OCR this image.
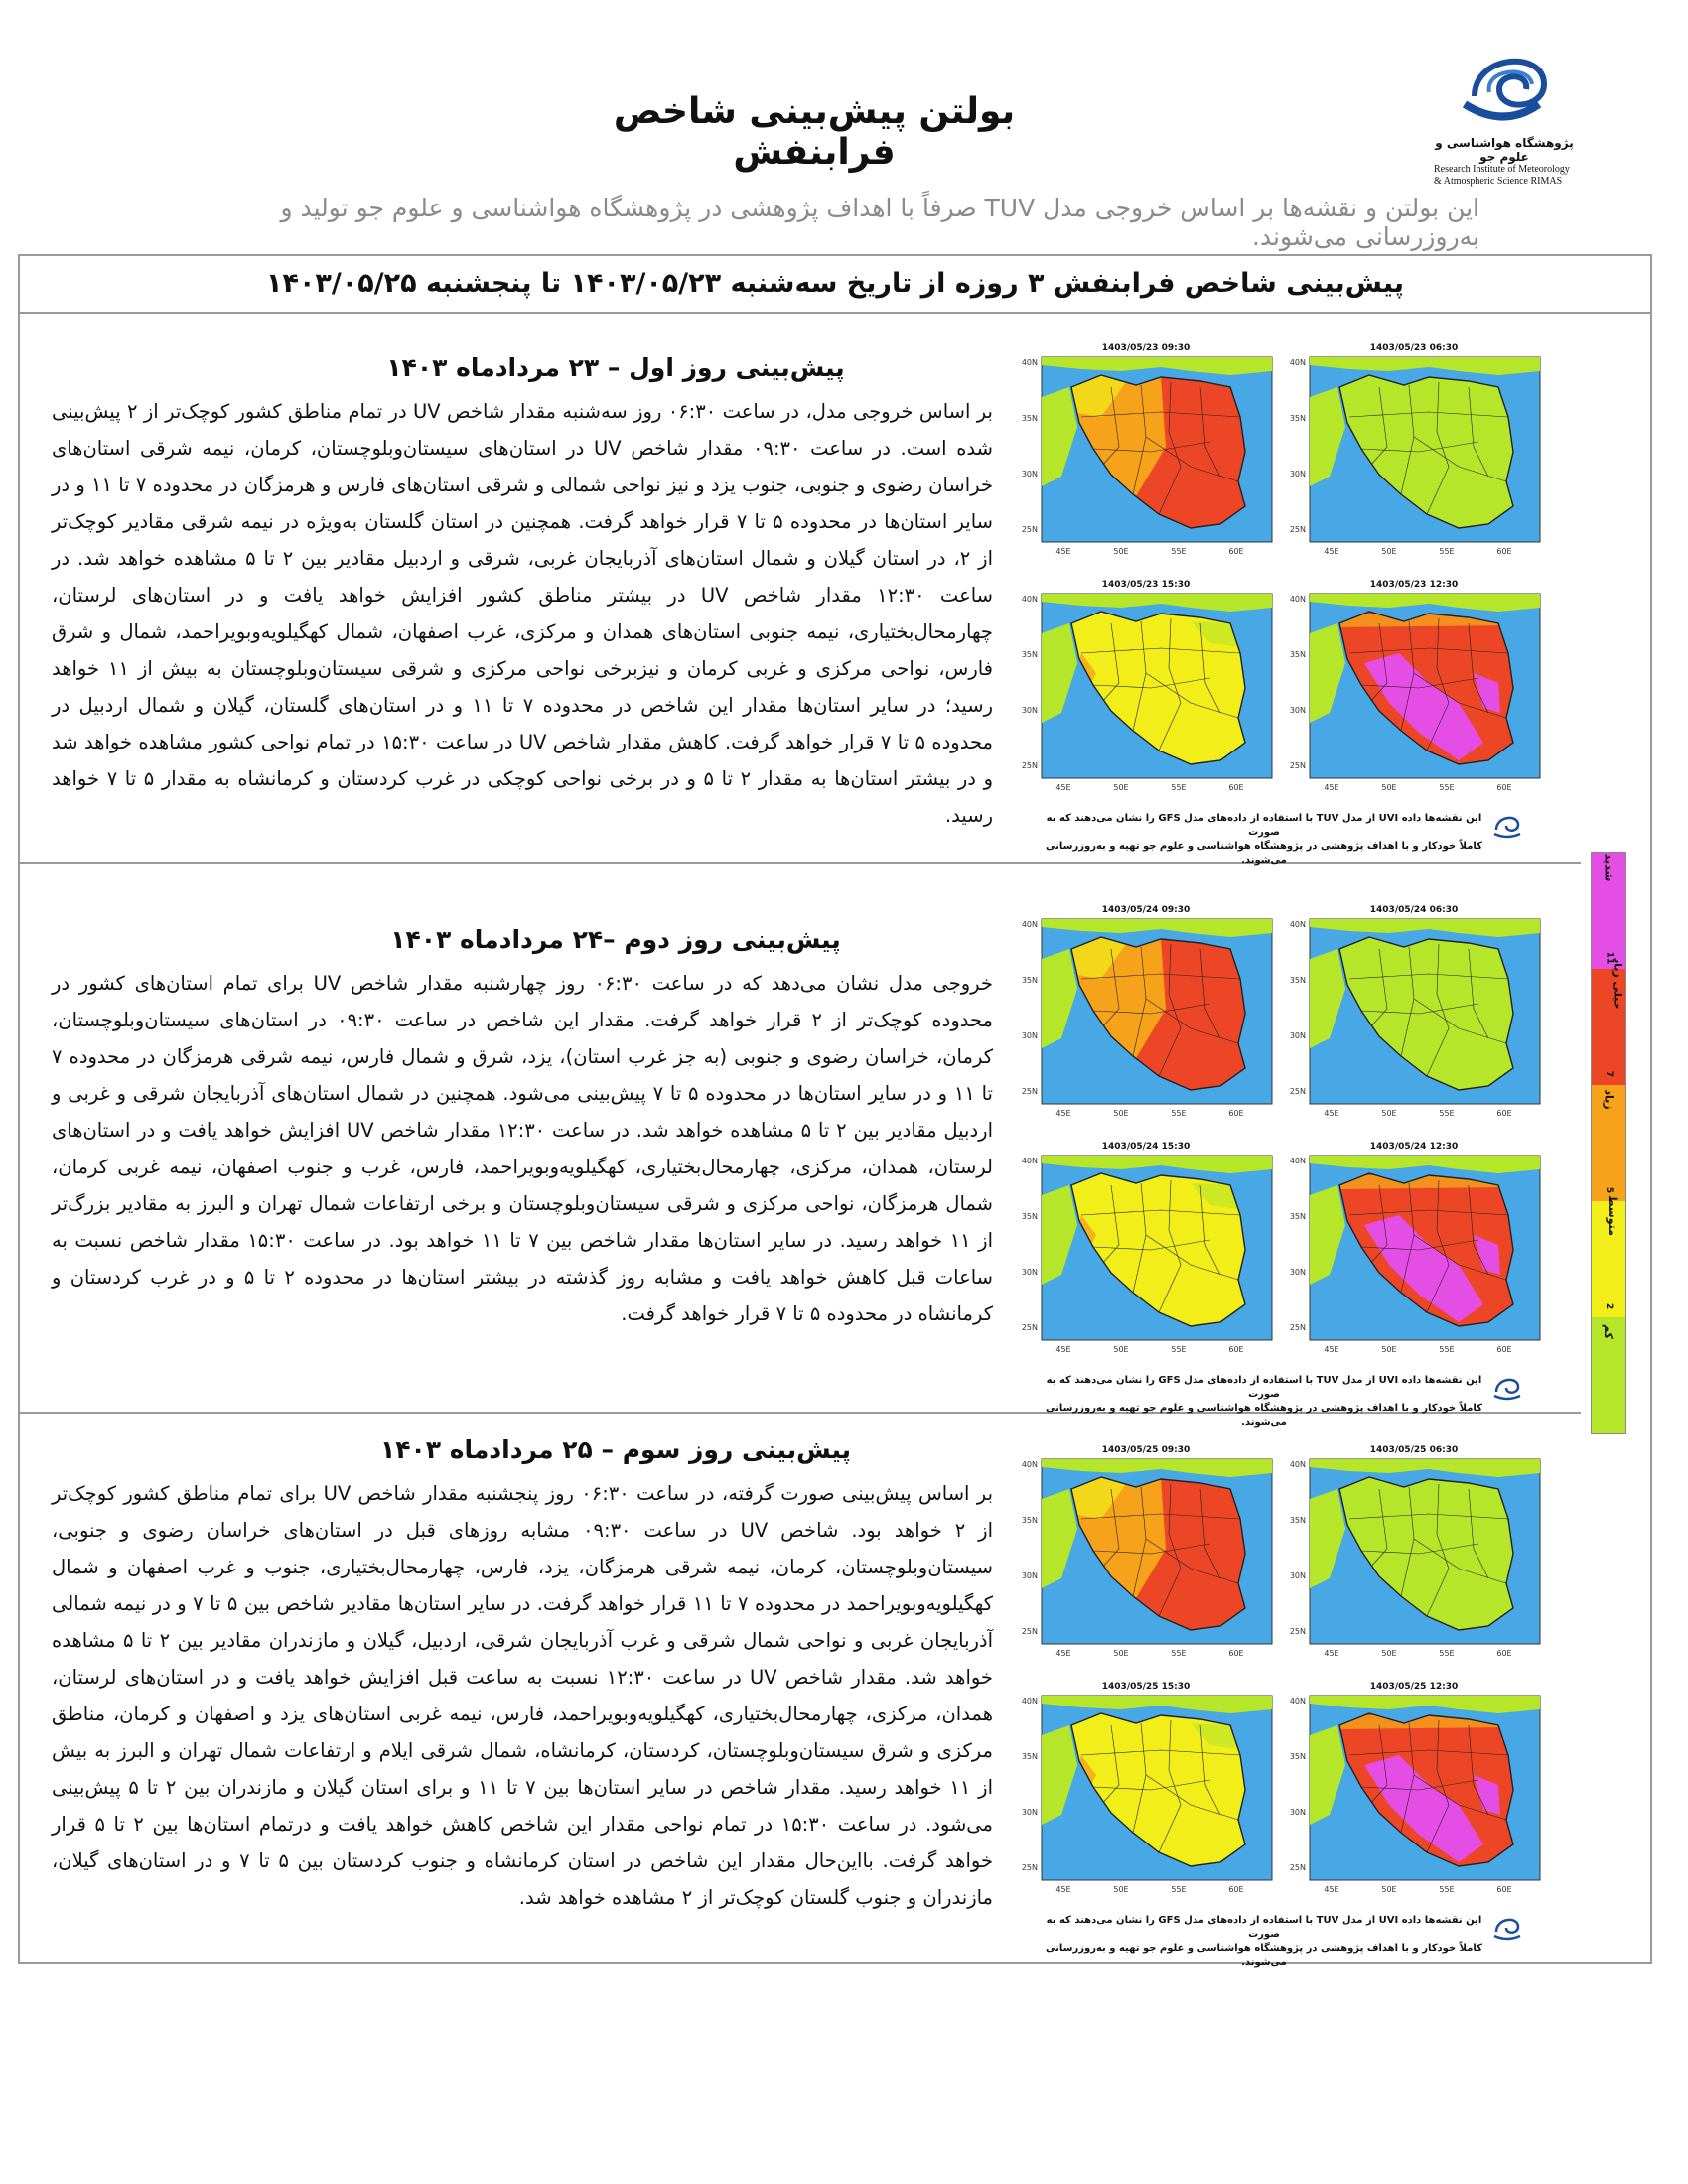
پژوهشگاه هواشناسی و علوم جو
Research Institute of Meteorology
& Atmospheric Science RIMAS
بولتن پیش‌بینی شاخص فرابنفش
این بولتن و نقشه‌ها بر اساس خروجی مدل TUV صرفاً با اهداف پژوهشی در پژوهشگاه هواشناسی و علوم جو تولید و به‌روزرسانی می‌شوند.
پیش‌بینی شاخص فرابنفش ۳ روزه از تاریخ سه‌شنبه ۱۴۰۳/۰۵/۲۳ تا پنجشنبه ۱۴۰۳/۰۵/۲۵
پیش‌بینی روز اول – ۲۳ مردادماه ۱۴۰۳
بر اساس خروجی مدل، در ساعت ۰۶:۳۰ روز سه‌شنبه مقدار شاخص UV در تمام مناطق کشور کوچک‌تر از ۲ پیش‌بینی شده است. در ساعت ۰۹:۳۰ مقدار شاخص UV در استان‌های سیستان‌وبلوچستان، کرمان، نیمه شرقی استان‌های خراسان رضوی و جنوبی، جنوب یزد و نیز نواحی شمالی و شرقی استان‌های فارس و هرمزگان در محدوده ۷ تا ۱۱ و در سایر استان‌ها در محدوده ۵ تا ۷ قرار خواهد گرفت. همچنین در استان گلستان به‌ویژه در نیمه شرقی مقادیر کوچک‌تر از ۲، در استان گیلان و شمال استان‌های آذربایجان غربی، شرقی و اردبیل مقادیر بین ۲ تا ۵ مشاهده خواهد شد. در ساعت ۱۲:۳۰ مقدار شاخص UV در بیشتر مناطق کشور افزایش خواهد یافت و در استان‌های لرستان، چهارمحال‌بختیاری، نیمه جنوبی استان‌های همدان و مرکزی، غرب اصفهان، شمال کهگیلویه‌وبویراحمد، شمال و شرق فارس، نواحی مرکزی و غربی کرمان و نیزبرخی نواحی مرکزی و شرقی سیستان‌وبلوچستان به بیش از ۱۱ خواهد رسید؛ در سایر استان‌ها مقدار این شاخص در محدوده ۷ تا ۱۱ و در استان‌های گلستان، گیلان و شمال اردبیل در محدوده ۵ تا ۷ قرار خواهد گرفت. کاهش مقدار شاخص UV در ساعت ۱۵:۳۰ در تمام نواحی کشور مشاهده خواهد شد و در بیشتر استان‌ها به مقدار ۲ تا ۵ و در برخی نواحی کوچکی در غرب کردستان و کرمانشاه به مقدار ۵ تا ۷ خواهد رسید.
1403/05/23 09:30
40N
35N
30N
25N
45E	50E	55E	60E
1403/05/23 06:30
40N
35N
30N
25N
45E	50E	55E	60E
1403/05/23 15:30
40N
35N
30N
25N
45E	50E	55E	60E
1403/05/23 12:30
40N
35N
30N
25N
45E	50E	55E	60E
این نقشه‌ها داده UVI از مدل TUV با استفاده از داده‌های مدل GFS را نشان می‌دهند که به صورت
کاملاً خودکار و با اهداف پژوهشی در پژوهشگاه هواشناسی و علوم جو تهیه و به‌روزرسانی می‌شوند.
پیش‌بینی روز دوم –۲۴ مردادماه ۱۴۰۳
خروجی مدل نشان می‌دهد که در ساعت ۰۶:۳۰ روز چهارشنبه مقدار شاخص UV برای تمام استان‌های کشور در محدوده کوچک‌تر از ۲ قرار خواهد گرفت. مقدار این شاخص در ساعت ۰۹:۳۰ در استان‌های سیستان‌وبلوچستان، کرمان، خراسان رضوی و جنوبی (به جز غرب استان)، یزد، شرق و شمال فارس، نیمه شرقی هرمزگان در محدوده ۷ تا ۱۱ و در سایر استان‌ها در محدوده ۵ تا ۷ پیش‌بینی می‌شود. همچنین در شمال استان‌های آذربایجان شرقی و غربی و اردبیل مقادیر بین ۲ تا ۵ مشاهده خواهد شد. در ساعت ۱۲:۳۰ مقدار شاخص UV افزایش خواهد یافت و در استان‌های لرستان، همدان، مرکزی، چهارمحال‌بختیاری، کهگیلویه‌وبویراحمد، فارس، غرب و جنوب اصفهان، نیمه غربی کرمان، شمال هرمزگان، نواحی مرکزی و شرقی سیستان‌وبلوچستان و برخی ارتفاعات شمال تهران و البرز به مقادیر بزرگ‌تر از ۱۱ خواهد رسید. در سایر استان‌ها مقدار شاخص بین ۷ تا ۱۱ خواهد بود. در ساعت ۱۵:۳۰ مقدار شاخص نسبت به ساعات قبل کاهش خواهد یافت و مشابه روز گذشته در بیشتر استان‌ها در محدوده ۲ تا ۵ و در غرب کردستان و کرمانشاه در محدوده ۵ تا ۷ قرار خواهد گرفت.
1403/05/24 09:30
40N
35N
30N
25N
45E	50E	55E	60E
1403/05/24 06:30
40N
35N
30N
25N
45E	50E	55E	60E
1403/05/24 15:30
40N
35N
30N
25N
45E	50E	55E	60E
1403/05/24 12:30
40N
35N
30N
25N
45E	50E	55E	60E
این نقشه‌ها داده UVI از مدل TUV با استفاده از داده‌های مدل GFS را نشان می‌دهند که به صورت
کاملاً خودکار و با اهداف پژوهشی در پژوهشگاه هواشناسی و علوم جو تهیه و به‌روزرسانی می‌شوند.
پیش‌بینی روز سوم – ۲۵ مردادماه ۱۴۰۳
بر اساس پیش‌بینی صورت گرفته، در ساعت ۰۶:۳۰ روز پنجشنبه مقدار شاخص UV برای تمام مناطق کشور کوچک‌تر از ۲ خواهد بود. شاخص UV در ساعت ۰۹:۳۰ مشابه روزهای قبل در استان‌های خراسان رضوی و جنوبی، سیستان‌وبلوچستان، کرمان، نیمه شرقی هرمزگان، یزد، فارس، چهارمحال‌بختیاری، جنوب و غرب اصفهان و شمال کهگیلویه‌وبویراحمد در محدوده ۷ تا ۱۱ قرار خواهد گرفت. در سایر استان‌ها مقادیر شاخص بین ۵ تا ۷ و در نیمه شمالی آذربایجان غربی و نواحی شمال شرقی و غرب آذربایجان شرقی، اردبیل، گیلان و مازندران مقادیر بین ۲ تا ۵ مشاهده خواهد شد. مقدار شاخص UV در ساعت ۱۲:۳۰ نسبت به ساعت قبل افزایش خواهد یافت و در استان‌های لرستان، همدان، مرکزی، چهارمحال‌بختیاری، کهگیلویه‌وبویراحمد، فارس، نیمه غربی استان‌های یزد و اصفهان و کرمان، مناطق مرکزی و شرق سیستان‌وبلوچستان، کردستان، کرمانشاه، شمال شرقی ایلام و ارتفاعات شمال تهران و البرز به بیش از ۱۱ خواهد رسید. مقدار شاخص در سایر استان‌ها بین ۷ تا ۱۱ و برای استان گیلان و مازندران بین ۲ تا ۵ پیش‌بینی می‌شود. در ساعت ۱۵:۳۰ در تمام نواحی مقدار این شاخص کاهش خواهد یافت و درتمام استان‌ها بین ۲ تا ۵ قرار خواهد گرفت. بااین‌حال مقدار این شاخص در استان کرمانشاه و جنوب کردستان بین ۵ تا ۷ و در استان‌های گیلان، مازندران و جنوب گلستان کوچک‌تر از ۲ مشاهده خواهد شد.
1403/05/25 09:30
40N
35N
30N
25N
45E	50E	55E	60E
1403/05/25 06:30
40N
35N
30N
25N
45E	50E	55E	60E
1403/05/25 15:30
40N
35N
30N
25N
45E	50E	55E	60E
1403/05/25 12:30
40N
35N
30N
25N
45E	50E	55E	60E
این نقشه‌ها داده UVI از مدل TUV با استفاده از داده‌های مدل GFS را نشان می‌دهند که به صورت
کاملاً خودکار و با اهداف پژوهشی در پژوهشگاه هواشناسی و علوم جو تهیه و به‌روزرسانی می‌شوند.
شدید
خیلی زیاد
زیاد
متوسط
کم
11
7
5
2
